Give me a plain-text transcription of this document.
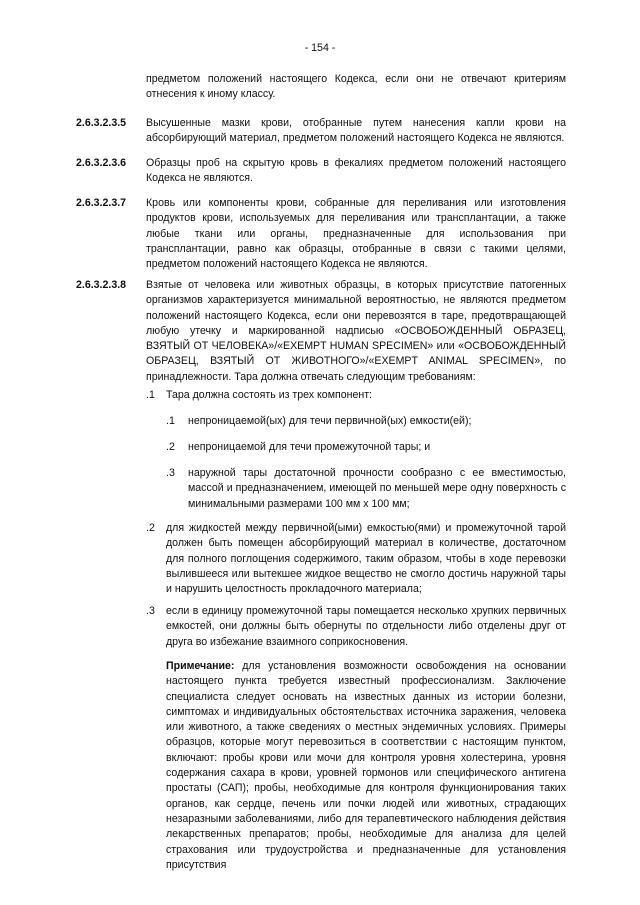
- 154 -
предметом положений настоящего Кодекса, если они не отвечают критериям отнесения к иному классу.
2.6.3.2.3.5 Высушенные мазки крови, отобранные путем нанесения капли крови на абсорбирующий материал, предметом положений настоящего Кодекса не являются.
2.6.3.2.3.6 Образцы проб на скрытую кровь в фекалиях предметом положений настоящего Кодекса не являются.
2.6.3.2.3.7 Кровь или компоненты крови, собранные для переливания или изготовления продуктов крови, используемых для переливания или трансплантации, а также любые ткани или органы, предназначенные для использования при трансплантации, равно как образцы, отобранные в связи с такими целями, предметом положений настоящего Кодекса не являются.
2.6.3.2.3.8 Взятые от человека или животных образцы, в которых присутствие патогенных организмов характеризуется минимальной вероятностью, не являются предметом положений настоящего Кодекса, если они перевозятся в таре, предотвращающей любую утечку и маркированной надписью «ОСВОБОЖДЕННЫЙ ОБРАЗЕЦ, ВЗЯТЫЙ ОТ ЧЕЛОВЕКА»/«EXEMPT HUMAN SPECIMEN» или «ОСВОБОЖДЕННЫЙ ОБРАЗЕЦ, ВЗЯТЫЙ ОТ ЖИВОТНОГО»/«EXEMPT ANIMAL SPECIMEN», по принадлежности. Тара должна отвечать следующим требованиям:
.1 Тара должна состоять из трех компонент:
.1 непроницаемой(ых) для течи первичной(ых) емкости(ей);
.2 непроницаемой для течи промежуточной тары; и
.3 наружной тары достаточной прочности сообразно с ее вместимостью, массой и предназначением, имеющей по меньшей мере одну поверхность с минимальными размерами 100 мм x 100 мм;
.2 для жидкостей между первичной(ыми) емкостью(ями) и промежуточной тарой должен быть помещен абсорбирующий материал в количестве, достаточном для полного поглощения содержимого, таким образом, чтобы в ходе перевозки вылившееся или вытекшее жидкое вещество не смогло достичь наружной тары и нарушить целостность прокладочного материала;
.3 если в единицу промежуточной тары помещается несколько хрупких первичных емкостей, они должны быть обернуты по отдельности либо отделены друг от друга во избежание взаимного соприкосновения.
Примечание: для установления возможности освобождения на основании настоящего пункта требуется известный профессионализм. Заключение специалиста следует основать на известных данных из истории болезни, симптомах и индивидуальных обстоятельствах источника заражения, человека или животного, а также сведениях о местных эндемичных условиях. Примеры образцов, которые могут перевозиться в соответствии с настоящим пунктом, включают: пробы крови или мочи для контроля уровня холестерина, уровня содержания сахара в крови, уровней гормонов или специфического антигена простаты (САП); пробы, необходимые для контроля функционирования таких органов, как сердце, печень или почки людей или животных, страдающих незаразными заболеваниями, либо для терапевтического наблюдения действия лекарственных препаратов; пробы, необходимые для анализа для целей страхования или трудоустройства и предназначенные для установления присутствия
